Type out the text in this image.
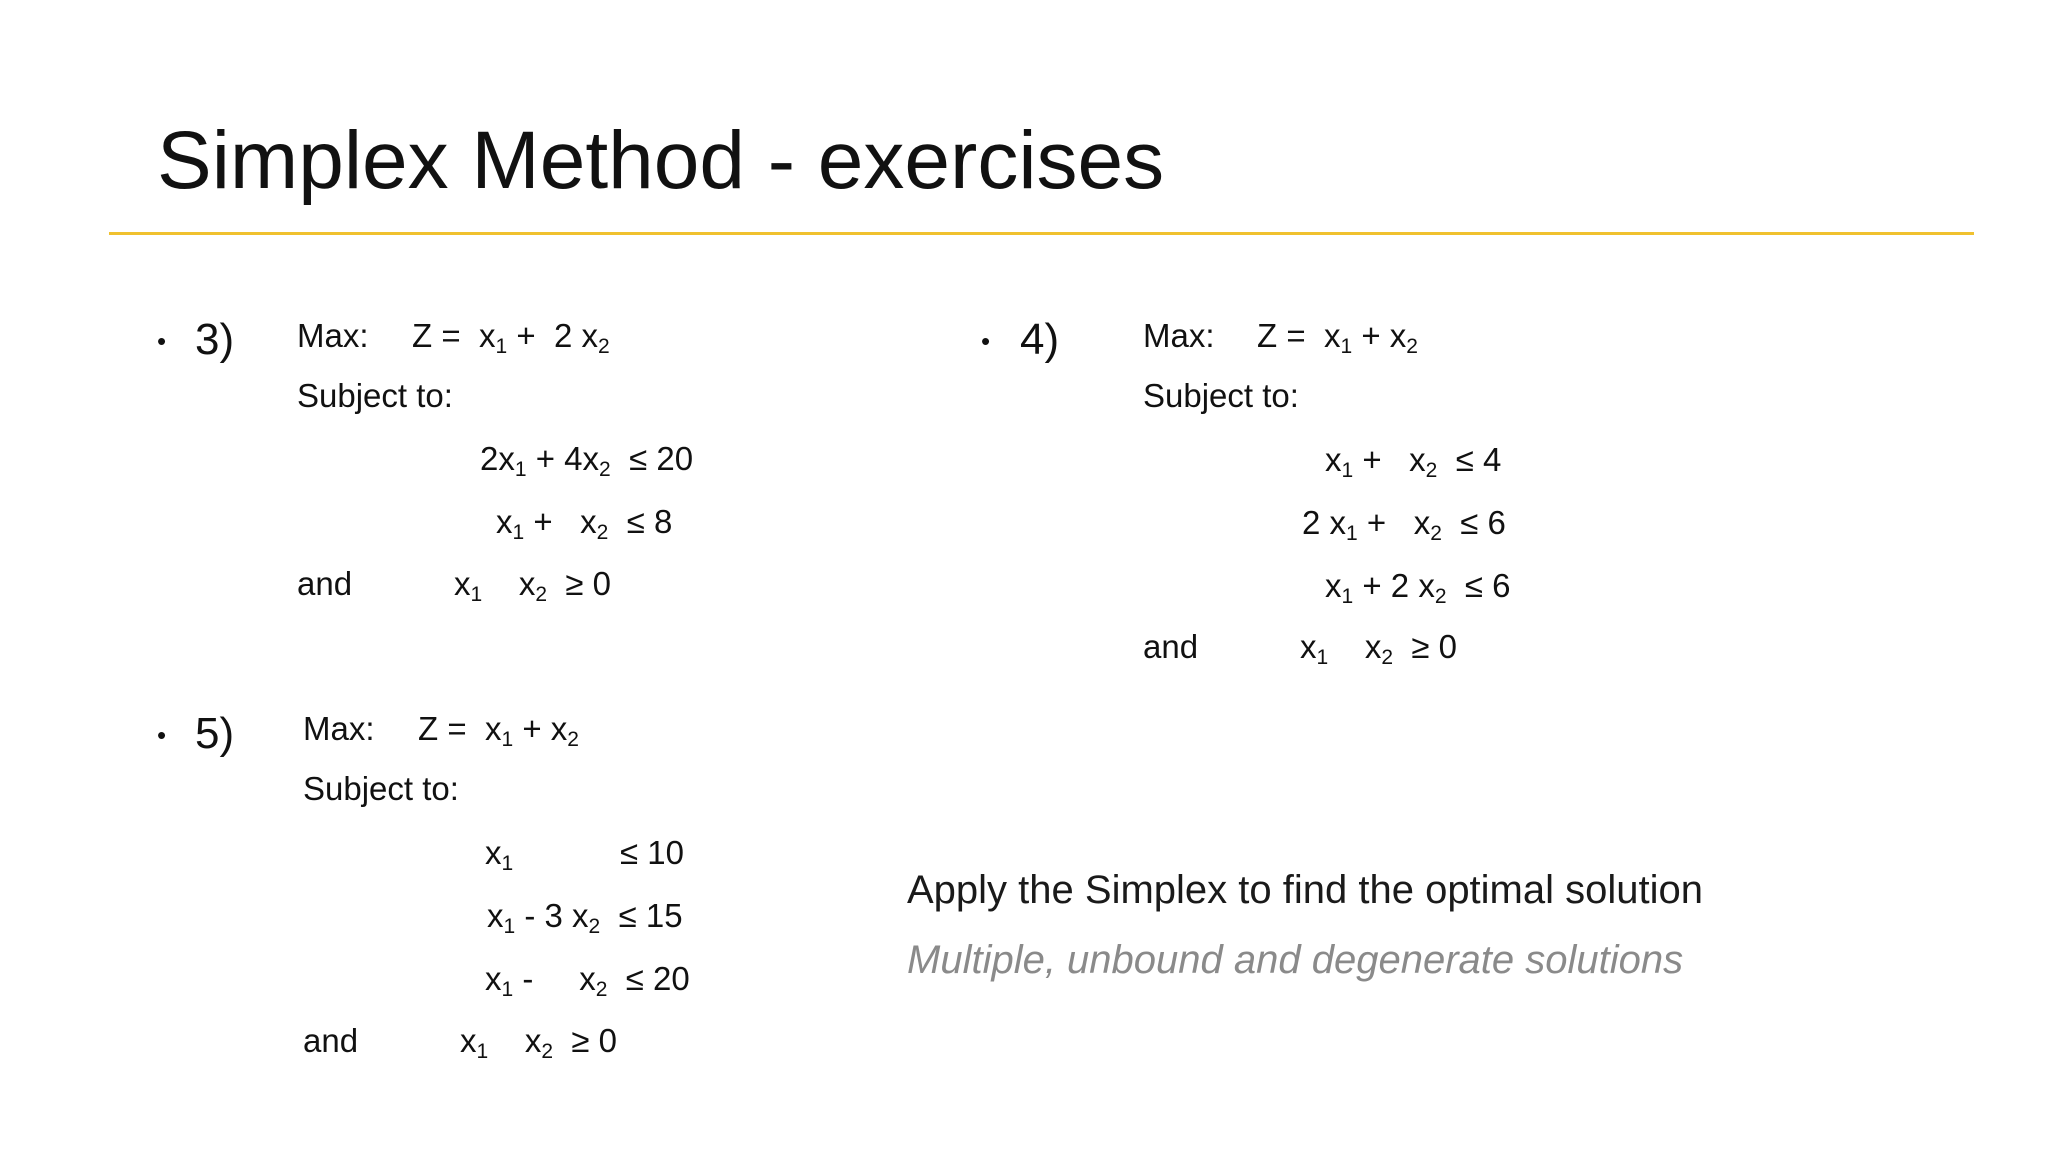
Simplex Method - exercises
• 3) Max: Z =
$x_1$
+
2
$x_2$
Subject to:
2 $x_1$
+
4 $x_2$
≤ 20
$x_1$
+
$x_2$
≤ 8
and	$x_1$
$x_2$
≥ 0
• 4)	Max: Z =
$x_1$
+
$x_2$
Subject to:
$x_1$
+
$x_2$
≤ 4
2
$x_1$
+
$x_2$
≤ 6
$x_1$
+ 2
$x_2$
≤ 6
and	$x_1$
$x_2$
≥ 0
• 5) Max: Z =
$x_1$
+
$x_2$
Subject to:
$x_1$	≤ 10
$x_1$
- 3
$x_2$
≤ 15
$x_1$
-
$x_2$
≤ 20
and	$x_1$
$x_2$
≥ 0
Apply the Simplex to find the optimal solution
Multiple, unbound and degenerate solutions
